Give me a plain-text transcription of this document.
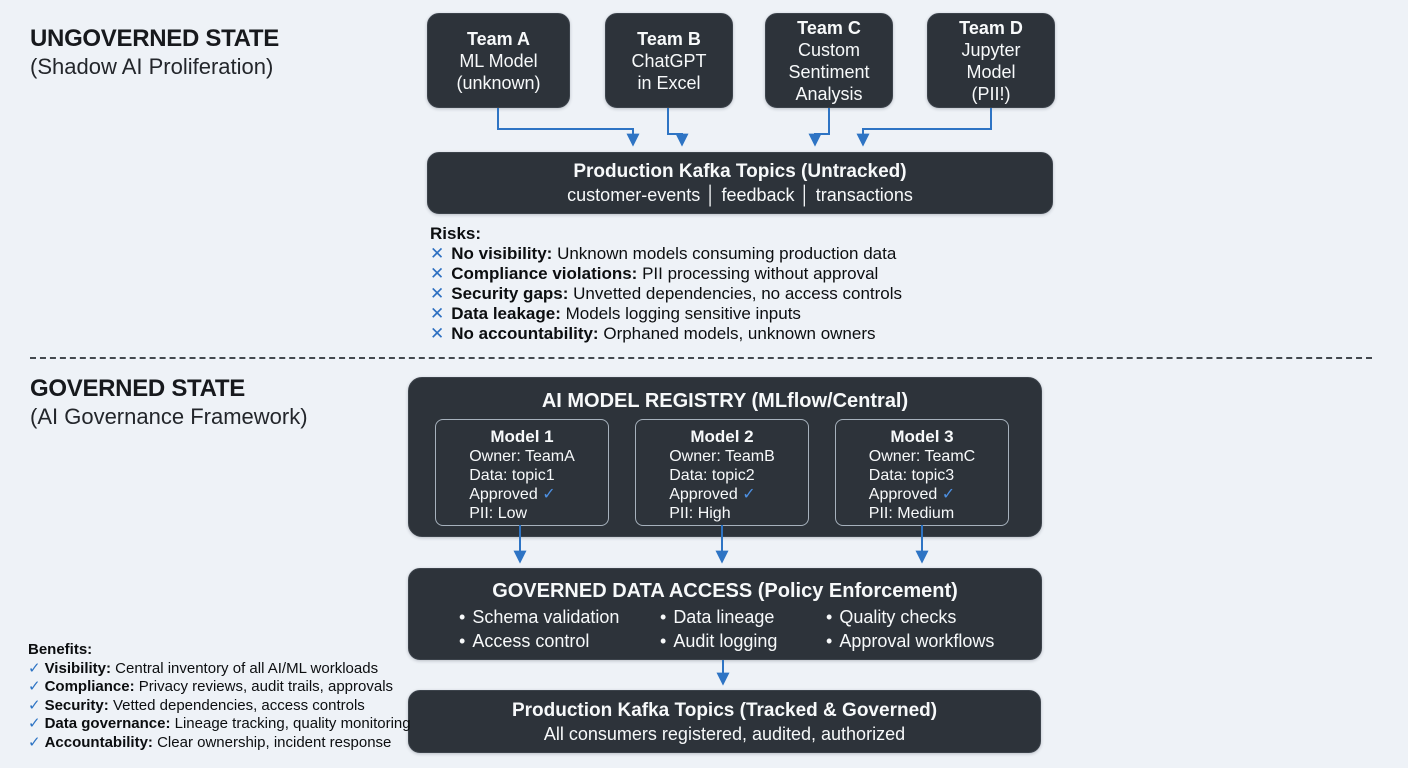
UNGOVERNED STATE
(Shadow AI Proliferation)
GOVERNED STATE
(AI Governance Framework)
Team A
ML Model
(unknown)
Team B
ChatGPT
in Excel
Team C
Custom
Sentiment
Analysis
Team D
Jupyter
Model
(PII!)
Production Kafka Topics (Untracked)
customer-events │ feedback │ transactions
Risks:
✕ No visibility: Unknown models consuming production data
✕ Compliance violations: PII processing without approval
✕ Security gaps: Unvetted dependencies, no access controls
✕ Data leakage: Models logging sensitive inputs
✕ No accountability: Orphaned models, unknown owners
AI MODEL REGISTRY (MLflow/Central)
Model 1
Owner: TeamA
Data: topic1
Approved ✓
PII: Low
Model 2
Owner: TeamB
Data: topic2
Approved ✓
PII: High
Model 3
Owner: TeamC
Data: topic3
Approved ✓
PII: Medium
GOVERNED DATA ACCESS (Policy Enforcement)
• Schema validation
• Access control
• Data lineage
• Audit logging
• Quality checks
• Approval workflows
Production Kafka Topics (Tracked & Governed)
All consumers registered, audited, authorized
Benefits:
✓ Visibility: Central inventory of all AI/ML workloads
✓ Compliance: Privacy reviews, audit trails, approvals
✓ Security: Vetted dependencies, access controls
✓ Data governance: Lineage tracking, quality monitoring
✓ Accountability: Clear ownership, incident response
